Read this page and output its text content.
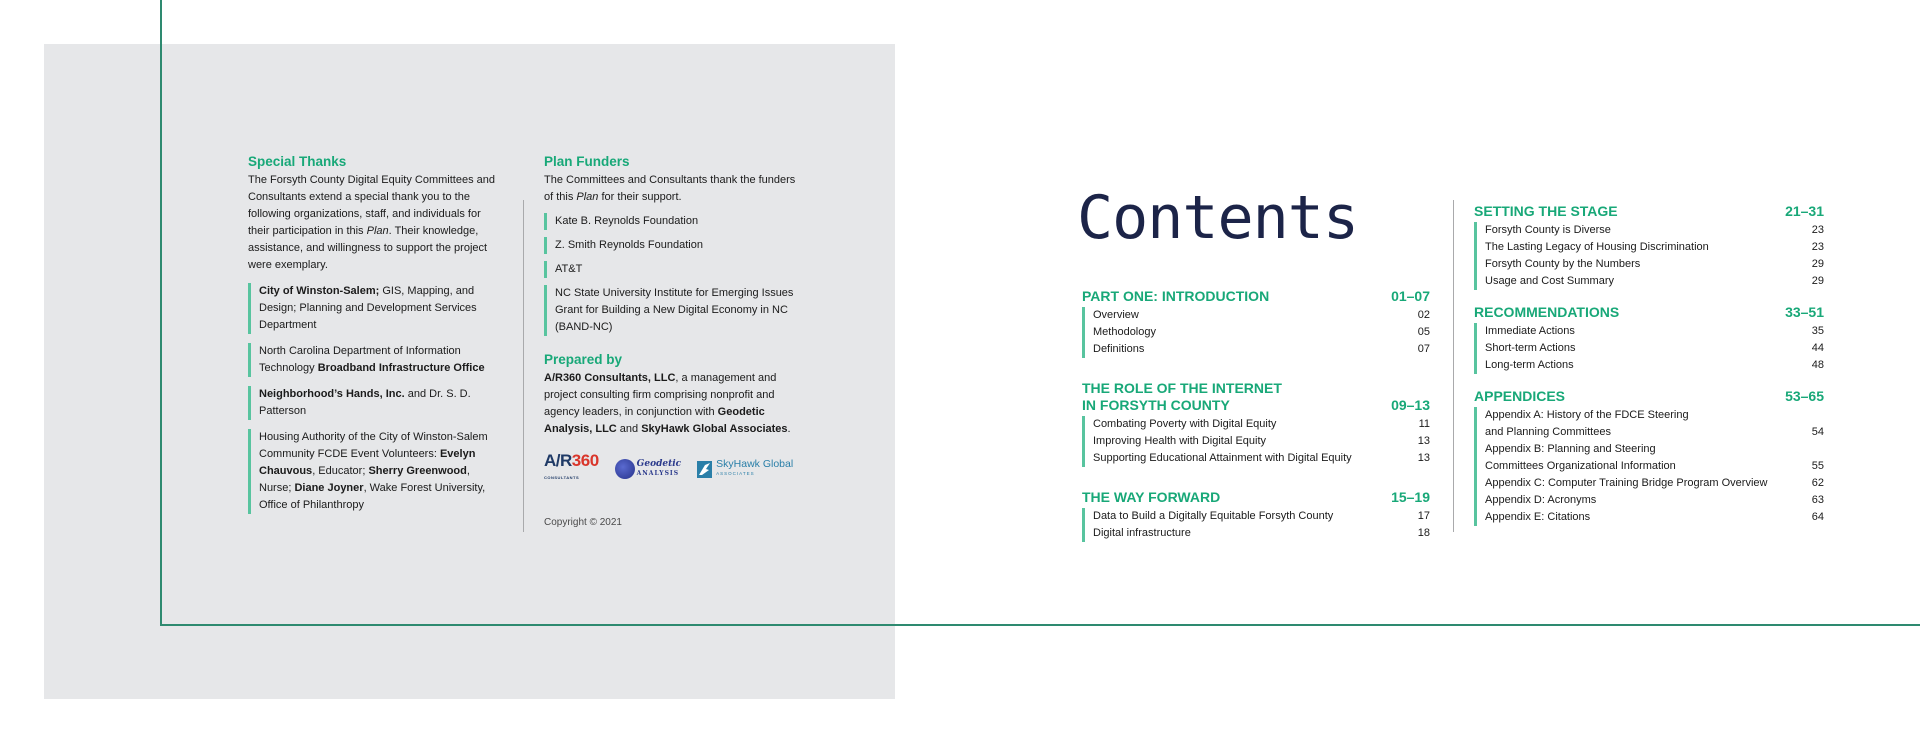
Special Thanks

The Forsyth County Digital Equity Committees and Consultants extend a special thank you to the following organizations, staff, and individuals for their participation in this Plan. Their knowledge, assistance, and willingness to support the project were exemplary.

City of Winston-Salem; GIS, Mapping, and Design; Planning and Development Services Department
North Carolina Department of Information Technology Broadband Infrastructure Office
Neighborhood’s Hands, Inc. and Dr. S. D. Patterson
Housing Authority of the City of Winston-Salem Community FCDE Event Volunteers: Evelyn Chauvous, Educator; Sherry Greenwood, Nurse; Diane Joyner, Wake Forest University, Office of Philanthropy
Plan Funders

The Committees and Consultants thank the funders of this Plan for their support.

Kate B. Reynolds Foundation
Z. Smith Reynolds Foundation
AT&T
NC State University Institute for Emerging Issues Grant for Building a New Digital Economy in NC (BAND-NC)
Prepared by

A/R360 Consultants, LLC, a management and project consulting firm comprising nonprofit and agency leaders, in conjunction with Geodetic Analysis, LLC and SkyHawk Global Associates.

A/R360
CONSULTANTS
Geodetic
ANALYSIS
SkyHawk Global
ASSOCIATES
Copyright © 2021
Contents
PART ONE: INTRODUCTION	01–07
Overview	02
Methodology	05
Definitions	07
THE ROLE OF THE INTERNET
IN FORSYTH COUNTY	09–13
Combating Poverty with Digital Equity	11
Improving Health with Digital Equity	13
Supporting Educational Attainment with Digital Equity	13
THE WAY FORWARD	15–19
Data to Build a Digitally Equitable Forsyth County	17
Digital infrastructure	18
SETTING THE STAGE	21–31
Forsyth County is Diverse	23
The Lasting Legacy of Housing Discrimination	23
Forsyth County by the Numbers	29
Usage and Cost Summary	29
RECOMMENDATIONS	33–51
Immediate Actions	35
Short-term Actions	44
Long-term Actions	48
APPENDICES	53–65
Appendix A: History of the FDCE Steering and Planning Committees	54
Appendix B: Planning and Steering Committees Organizational Information	55
Appendix C: Computer Training Bridge Program Overview	62
Appendix D: Acronyms	63
Appendix E: Citations	64
